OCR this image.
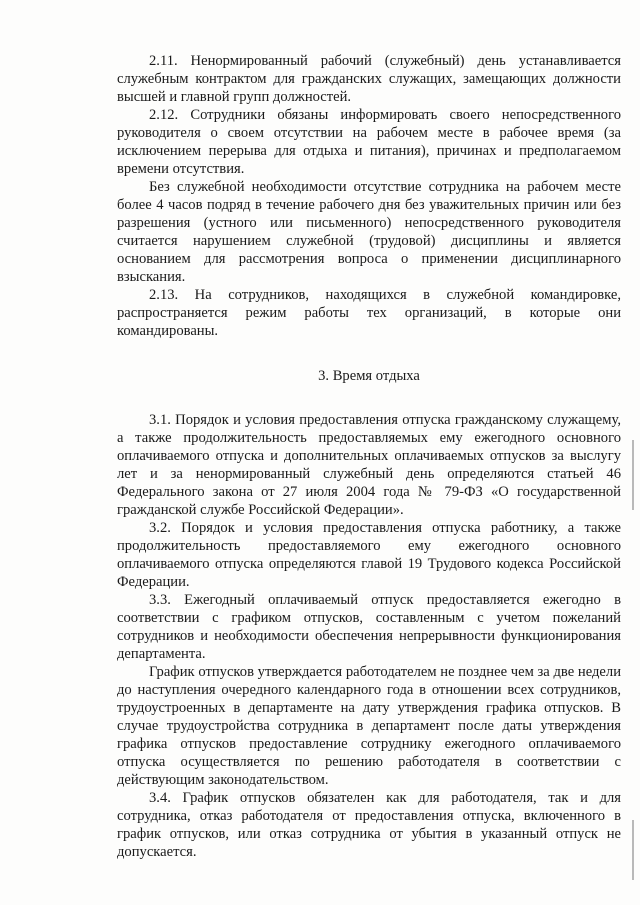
2.11. Ненормированный рабочий (служебный) день устанавливается служебным контрактом для гражданских служащих, замещающих должности высшей и главной групп должностей.

2.12. Сотрудники обязаны информировать своего непосредственного руководителя о своем отсутствии на рабочем месте в рабочее время (за исключением перерыва для отдыха и питания), причинах и предполагаемом времени отсутствия.

Без служебной необходимости отсутствие сотрудника на рабочем месте более 4 часов подряд в течение рабочего дня без уважительных причин или без разрешения (устного или письменного) непосредственного руководителя считается нарушением служебной (трудовой) дисциплины и является основанием для рассмотрения вопроса о применении дисциплинарного взыскания.

2.13. На сотрудников, находящихся в служебной командировке, распространяется режим работы тех организаций, в которые они командированы.

3. Время отдыха

3.1. Порядок и условия предоставления отпуска гражданскому служащему, а также продолжительность предоставляемых ему ежегодного основного оплачиваемого отпуска и дополнительных оплачиваемых отпусков за выслугу лет и за ненормированный служебный день определяются статьей 46 Федерального закона от 27 июля 2004 года № 79-ФЗ «О государственной гражданской службе Российской Федерации».

3.2. Порядок и условия предоставления отпуска работнику, а также продолжительность предоставляемого ему ежегодного основного оплачиваемого отпуска определяются главой 19 Трудового кодекса Российской Федерации.

3.3. Ежегодный оплачиваемый отпуск предоставляется ежегодно в соответствии с графиком отпусков, составленным с учетом пожеланий сотрудников и необходимости обеспечения непрерывности функционирования департамента.

График отпусков утверждается работодателем не позднее чем за две недели до наступления очередного календарного года в отношении всех сотрудников, трудоустроенных в департаменте на дату утверждения графика отпусков. В случае трудоустройства сотрудника в департамент после даты утверждения графика отпусков предоставление сотруднику ежегодного оплачиваемого отпуска осуществляется по решению работодателя в соответствии с действующим законодательством.

3.4. График отпусков обязателен как для работодателя, так и для сотрудника, отказ работодателя от предоставления отпуска, включенного в график отпусков, или отказ сотрудника от убытия в указанный отпуск не допускается.
